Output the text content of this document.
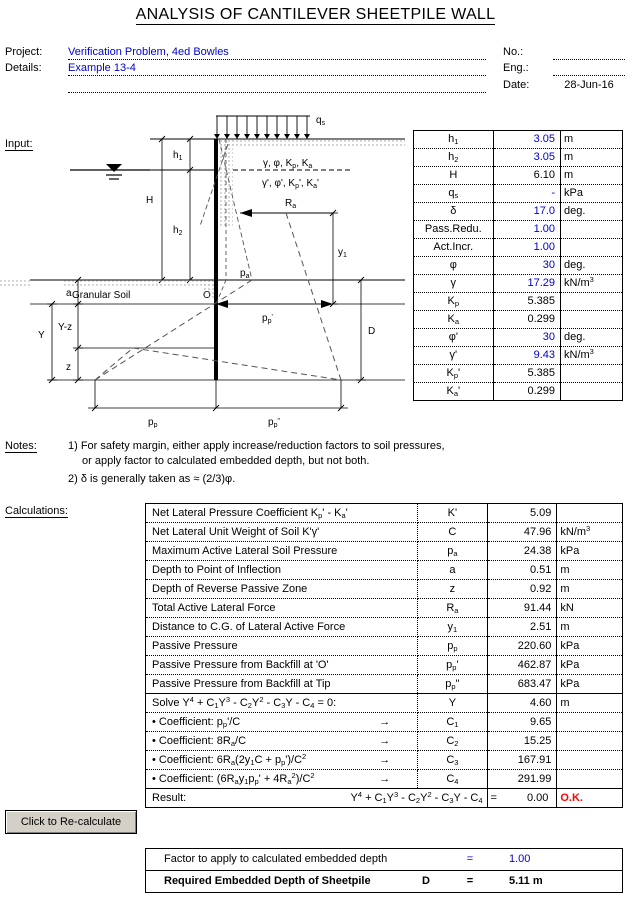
ANALYSIS OF CANTILEVER SHEETPILE WALL
Project: Verification Problem, 4ed Bowles
Details: Example 13-4
No.:
Eng.:
Date:	28-Jun-16
Input:
$q_s$
γ, φ, $K_p$, $K_a$
γ', φ', $K_p'$, $K_a'$
$h_1$
$h_2$
H
Granular Soil
a
Y-z
z
Y
$y_1$
D
$R_a$
$p_a$
$p_p'$
$p_p$	$p_p^"$
$h_1$	3.05	m
$h_2$	3.05	m
H	6.10	m
$q_s$	-	kPa
δ	17.0	deg.
Pass.Redu.	1.00	
Act.Incr.	1.00	
φ	30	deg.
γ	17.29	$kN/m^3$
$K_p$	5.385	
$K_a$	0.299	
φ'	30	deg.
γ'	9.43	$kN/m^3$
$K_p'$	5.385	
$K_a'$	0.299	
Notes:	1) For safety margin, either apply increase/reduction factors to soil pressures,
or apply factor to calculated embedded depth, but not both.
2) δ is generally taken as ≈ (2/3)φ.
Calculations:	Net Lateral Pressure Coefficient $K_p' - K_a'$	K'	5.09	
Net Lateral Unit Weight of Soil K'γ'	C	47.96	$kN/m^3$
Maximum Active Lateral Soil Pressure	$p_a$	24.38	kPa
Depth to Point of Inflection	a	0.51	m
Depth of Reverse Passive Zone	z	0.92	m
Total Active Lateral Force	$R_a$	91.44	kN
Distance to C.G. of Lateral Active Force	$y_1$	2.51	m
Passive Pressure	$p_p$	220.60	kPa
Passive Pressure from Backfill at 'O'	$p_p'$	462.87	kPa
Passive Pressure from Backfill at Tip	$p_p$"	683.47	kPa
Solve $Y^4 + C_1Y^3 - C_2Y^2 - C_3Y - C_4 = 0$:	Y	4.60	m
• Coefficient: $p_p'/C$ →	$C_1$	9.65	
• Coefficient: $8R_a/C$ →	$C_2$	15.25	
• Coefficient: $6R_a(2y_1C + p_p')/C^2$ →	$C_3$	167.91	
• Coefficient: $(6R_ay_1p_p' + 4R_a^2)/C^2$ →	$C_4$	291.99	

Result: $Y^4 + C_1Y^3 - C_2Y^2 - C_3Y - C_4$		= 0.00	O.K.
Click to Re-calculate
Factor to apply to calculated embedded depth		=	1.00
Required Embedded Depth of Sheetpile	D	=	5.11 m
